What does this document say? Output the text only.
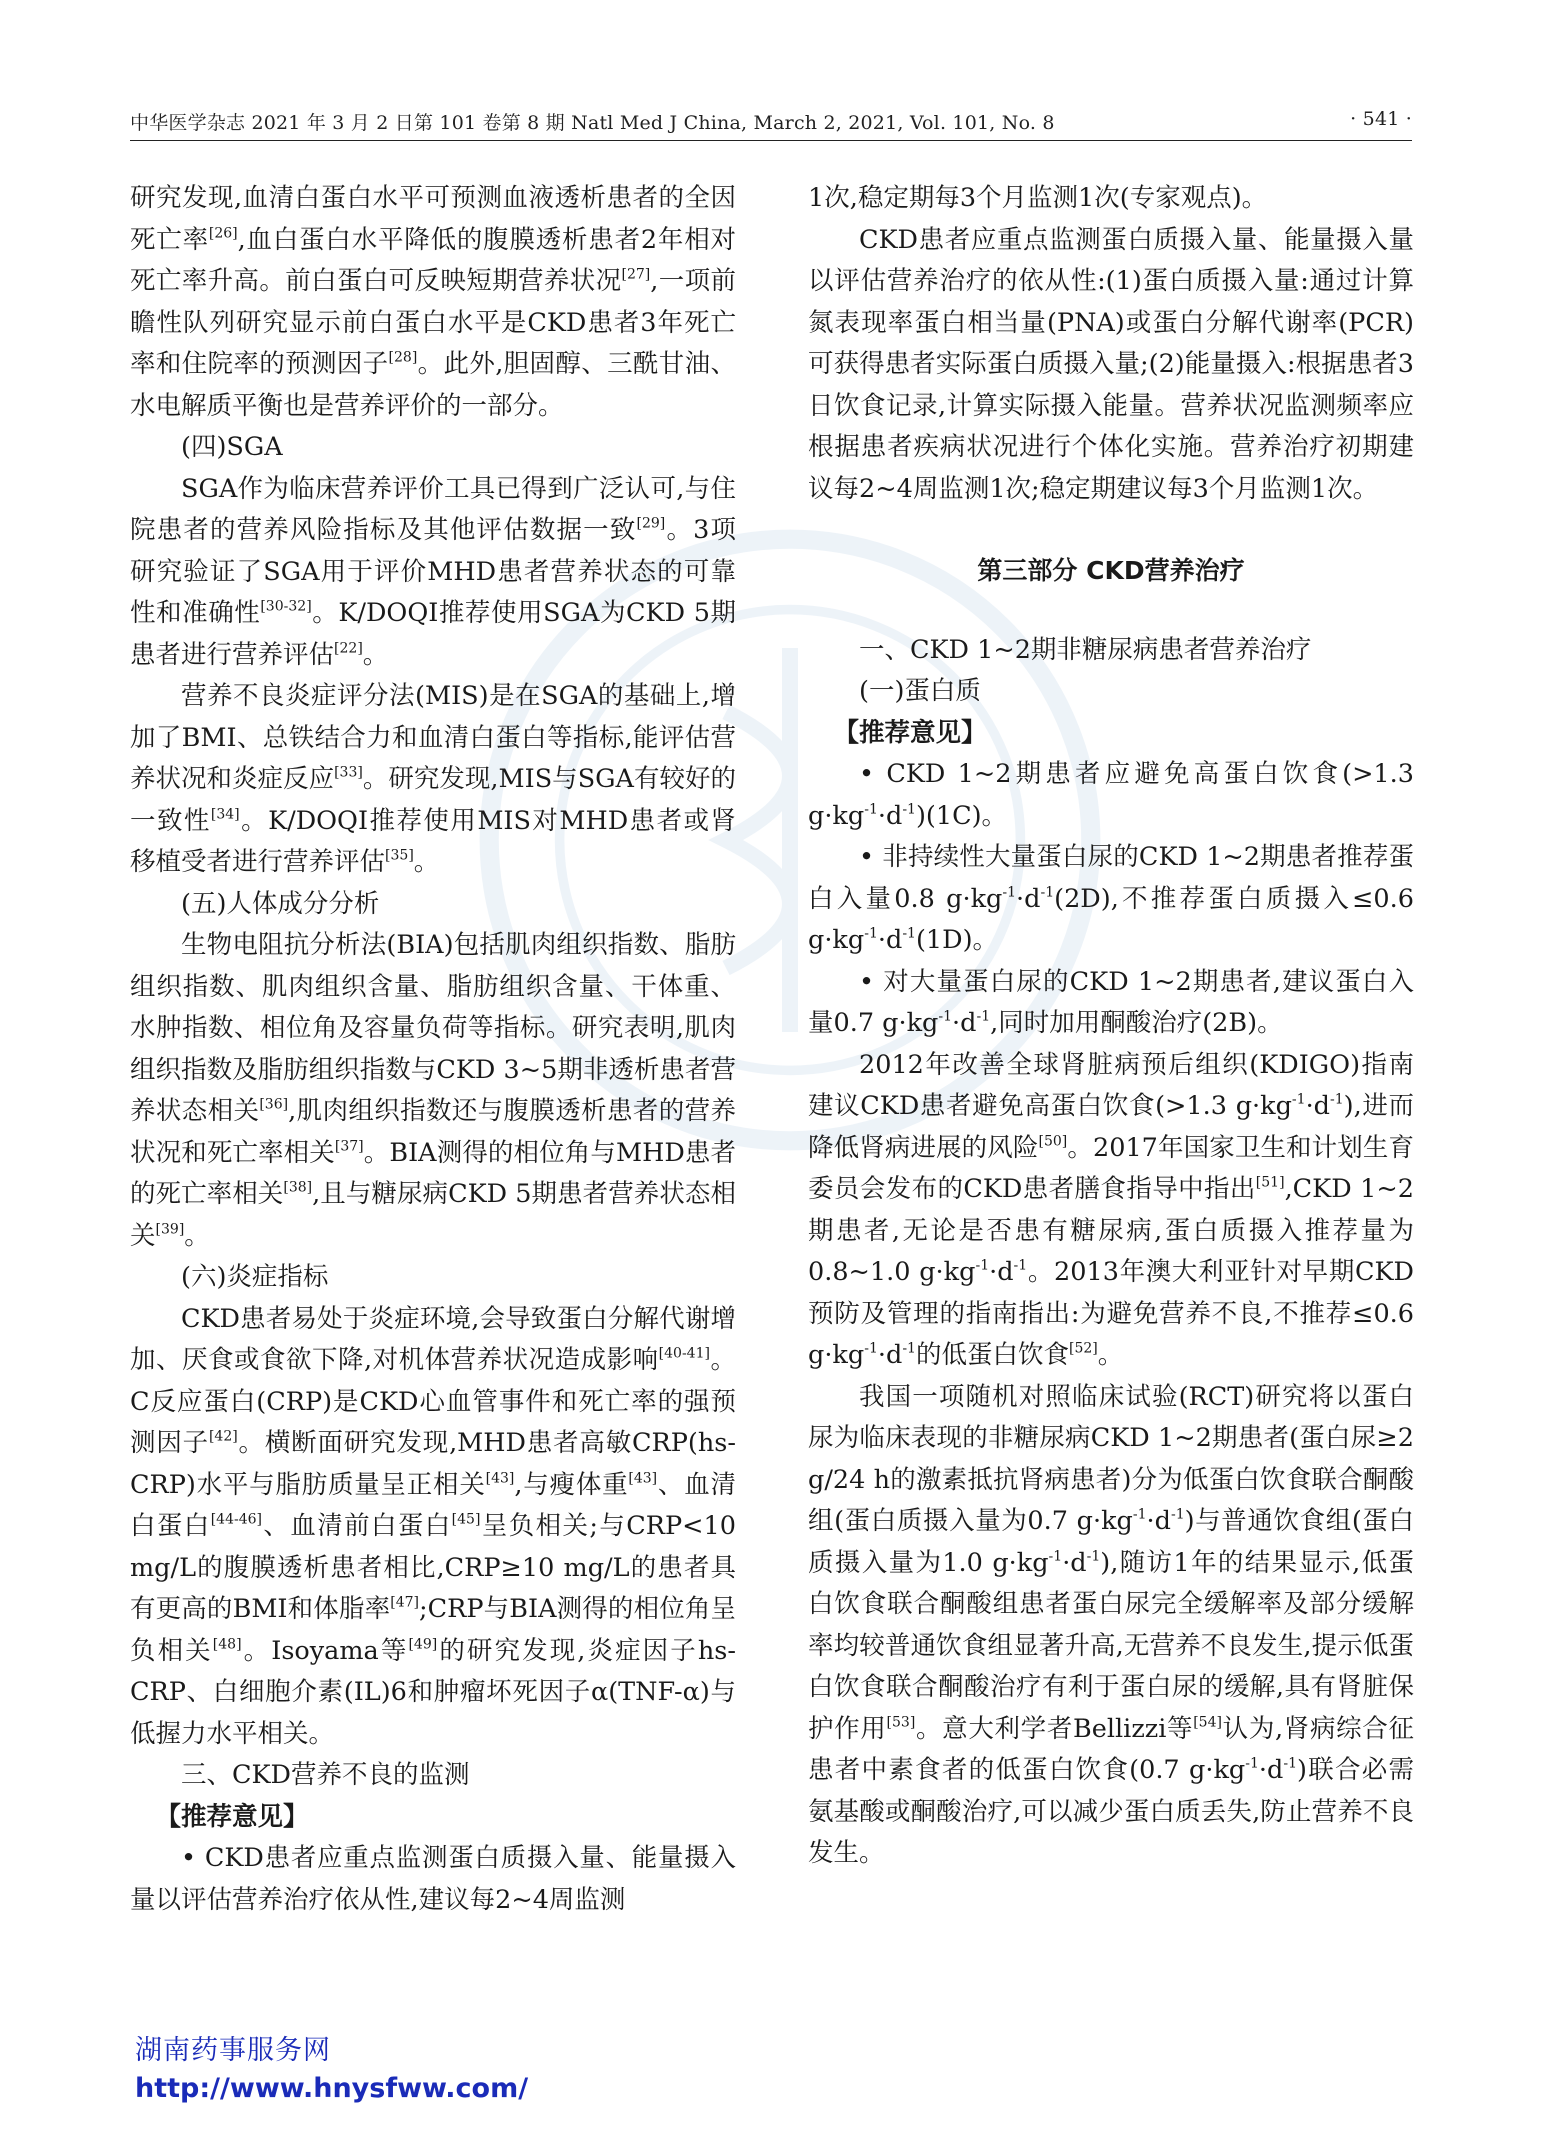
中华医学杂志 2021 年 3 月 2 日第 101 卷第 8 期 Natl Med J China, March 2, 2021, Vol. 101, No. 8	· 541 ·

研究发现,血清白蛋白水平可预测血液透析患者的全因死亡率[26],血白蛋白水平降低的腹膜透析患者2年相对死亡率升高。前白蛋白可反映短期营养状况[27],一项前瞻性队列研究显示前白蛋白水平是CKD患者3年死亡率和住院率的预测因子[28]。此外,胆固醇、三酰甘油、水电解质平衡也是营养评价的一部分。

(四)SGA

SGA作为临床营养评价工具已得到广泛认可,与住院患者的营养风险指标及其他评估数据一致[29]。3项研究验证了SGA用于评价MHD患者营养状态的可靠性和准确性[30-32]。K/DOQI推荐使用SGA为CKD 5期患者进行营养评估[22]。

营养不良炎症评分法(MIS)是在SGA的基础上,增加了BMI、总铁结合力和血清白蛋白等指标,能评估营养状况和炎症反应[33]。研究发现,MIS与SGA有较好的一致性[34]。K/DOQI推荐使用MIS对MHD患者或肾移植受者进行营养评估[35]。

(五)人体成分分析

生物电阻抗分析法(BIA)包括肌肉组织指数、脂肪组织指数、肌肉组织含量、脂肪组织含量、干体重、水肿指数、相位角及容量负荷等指标。研究表明,肌肉组织指数及脂肪组织指数与CKD 3~5期非透析患者营养状态相关[36],肌肉组织指数还与腹膜透析患者的营养状况和死亡率相关[37]。BIA测得的相位角与MHD患者的死亡率相关[38],且与糖尿病CKD 5期患者营养状态相关[39]。

(六)炎症指标

CKD患者易处于炎症环境,会导致蛋白分解代谢增加、厌食或食欲下降,对机体营养状况造成影响[40-41]。C反应蛋白(CRP)是CKD心血管事件和死亡率的强预测因子[42]。横断面研究发现,MHD患者高敏CRP(hs-CRP)水平与脂肪质量呈正相关[43],与瘦体重[43]、血清白蛋白[44-46]、血清前白蛋白[45]呈负相关;与CRP<10 mg/L的腹膜透析患者相比,CRP≥10 mg/L的患者具有更高的BMI和体脂率[47];CRP与BIA测得的相位角呈负相关[48]。Isoyama等[49]的研究发现,炎症因子hs-CRP、白细胞介素(IL)6和肿瘤坏死因子α(TNF-α)与低握力水平相关。

三、CKD营养不良的监测

【推荐意见】

• CKD患者应重点监测蛋白质摄入量、能量摄入量以评估营养治疗依从性,建议每2~4周监测

1次,稳定期每3个月监测1次(专家观点)。

CKD患者应重点监测蛋白质摄入量、能量摄入量以评估营养治疗的依从性:(1)蛋白质摄入量:通过计算氮表现率蛋白相当量(PNA)或蛋白分解代谢率(PCR)可获得患者实际蛋白质摄入量;(2)能量摄入:根据患者3日饮食记录,计算实际摄入能量。营养状况监测频率应根据患者疾病状况进行个体化实施。营养治疗初期建议每2~4周监测1次;稳定期建议每3个月监测1次。

第三部分 CKD营养治疗

一、CKD 1~2期非糖尿病患者营养治疗

(一)蛋白质

【推荐意见】

• CKD 1~2期患者应避免高蛋白饮食(>1.3 $g\cdot kg^{-1}\cdot d^{-1})(1C)$。

• 非持续性大量蛋白尿的CKD 1~2期患者推荐蛋白入量0.8 $g\cdot kg^{-1}\cdot d^{-1}(2D)$,不推荐蛋白质摄入≤0.6 $g\cdot kg^{-1}\cdot d^{-1}(1D)$。

• 对大量蛋白尿的CKD 1~2期患者,建议蛋白入量0.7 $g\cdot kg^{-1}\cdot d^{-1}$,同时加用酮酸治疗(2B)。

2012年改善全球肾脏病预后组织(KDIGO)指南建议CKD患者避免高蛋白饮食(>1.3 $g\cdot kg^{-1}\cdot d^{-1}$),进而降低肾病进展的风险[50]。2017年国家卫生和计划生育委员会发布的CKD患者膳食指导中指出[51],CKD 1~2期患者,无论是否患有糖尿病,蛋白质摄入推荐量为0.8~1.0 $g\cdot kg^{-1}\cdot d^{-1}$。2013年澳大利亚针对早期CKD预防及管理的指南指出:为避免营养不良,不推荐≤0.6 $g\cdot kg^{-1}\cdot d^{-1}$的低蛋白饮食[52]。

我国一项随机对照临床试验(RCT)研究将以蛋白尿为临床表现的非糖尿病CKD 1~2期患者(蛋白尿≥2 g/24 h的激素抵抗肾病患者)分为低蛋白饮食联合酮酸组(蛋白质摄入量为0.7 $g\cdot kg^{-1}\cdot d^{-1}$)与普通饮食组(蛋白质摄入量为1.0 $g\cdot kg^{-1}\cdot d^{-1}$),随访1年的结果显示,低蛋白饮食联合酮酸组患者蛋白尿完全缓解率及部分缓解率均较普通饮食组显著升高,无营养不良发生,提示低蛋白饮食联合酮酸治疗有利于蛋白尿的缓解,具有肾脏保护作用[53]。意大利学者Bellizzi等[54]认为,肾病综合征患者中素食者的低蛋白饮食(0.7 $g\cdot kg^{-1}\cdot d^{-1}$)联合必需氨基酸或酮酸治疗,可以减少蛋白质丢失,防止营养不良发生。

湖南药事服务网
http://www.hnysfww.com/
